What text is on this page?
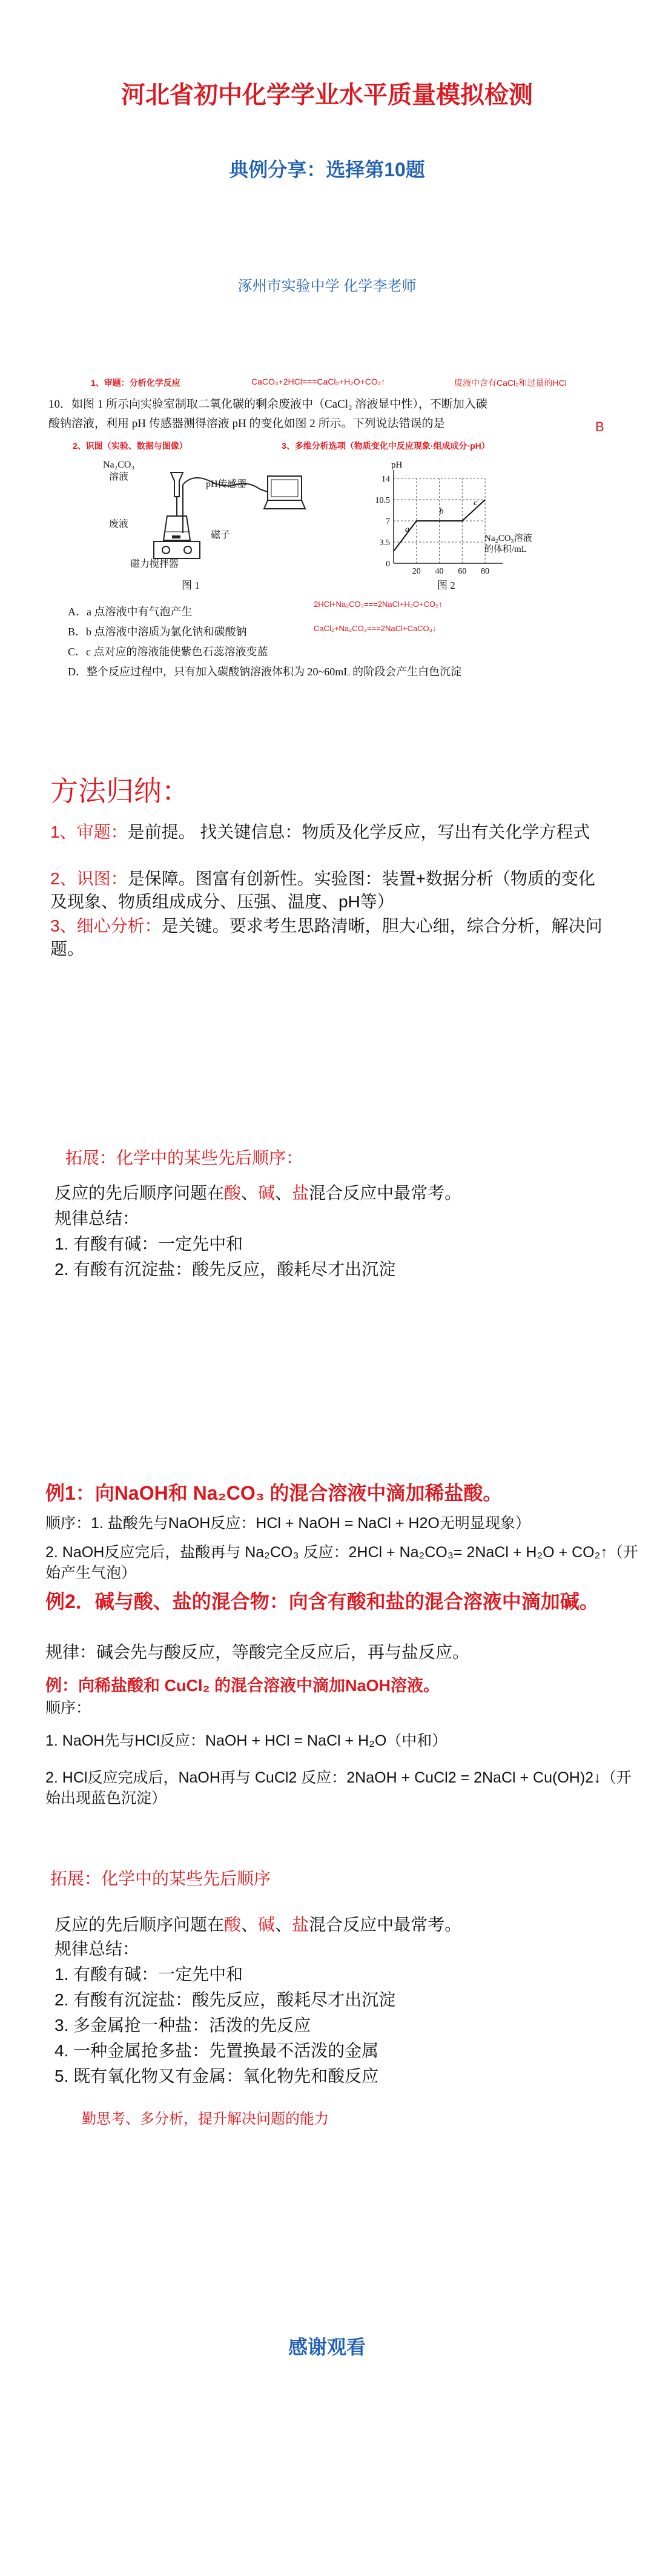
河北省初中化学学业水平质量模拟检测
典例分享：选择第10题
涿州市实验中学 化学李老师
1、审题：分析化学反应	CaCO₃+2HCl===CaCl₂+H₂O+CO₂↑	废液中含有CaCl₂和过量的HCl
10．如图 1 所示向实验室制取二氧化碳的剩余废液中（CaCl₂ 溶液显中性），不断加入碳
酸钠溶液，利用 pH 传感器测得溶液 pH 的变化如图 2 所示。下列说法错误的是	B
2、识图（实验、数据与图像）	3、多维分析选项（物质变化中反应现象·组成成分·pH）
Na₂CO₃
溶液
pH传感器
废液
磁子
磁力搅拌器
图 1
pH
14
10.5
7
3.5
0
20 40 60 80
a
b
c
Na₂CO₃溶液
的体积/mL
图 2
2HCl+Na₂CO₃===2NaCl+H₂O+CO₂↑
CaCl₂+Na₂CO₃===2NaCl+CaCO₃↓
A．a 点溶液中有气泡产生
B．b 点溶液中溶质为氯化钠和碳酸钠
C．c 点对应的溶液能使紫色石蕊溶液变蓝
D．整个反应过程中，只有加入碳酸钠溶液体积为 20~60mL 的阶段会产生白色沉淀
方法归纳：
1、审题：是前提。 找关键信息：物质及化学反应，写出有关化学方程式
2、识图：是保障。图富有创新性。实验图：装置+数据分析（物质的变化及现象、物质组成成分、压强、温度、pH等）
3、细心分析：是关键。要求考生思路清晰，胆大心细，综合分析，解决问题。
拓展：化学中的某些先后顺序：
反应的先后顺序问题在酸、碱、盐混合反应中最常考。
规律总结：
1. 有酸有碱：一定先中和
2. 有酸有沉淀盐：酸先反应，酸耗尽才出沉淀
例1：向NaOH和 Na₂CO₃ 的混合溶液中滴加稀盐酸。
顺序：1. 盐酸先与NaOH反应：HCl + NaOH = NaCl + H2O无明显现象）
2. NaOH反应完后，盐酸再与 Na₂CO₃ 反应：2HCl + Na₂CO₃= 2NaCl + H₂O + CO₂↑（开始产生气泡）
例2．碱与酸、盐的混合物：向含有酸和盐的混合溶液中滴加碱。
规律：碱会先与酸反应，等酸完全反应后，再与盐反应。
例：向稀盐酸和 CuCl₂ 的混合溶液中滴加NaOH溶液。
顺序：
1. NaOH先与HCl反应：NaOH + HCl = NaCl + H₂O（中和）
2. HCl反应完成后，NaOH再与 CuCl2 反应：2NaOH + CuCl2 = 2NaCl + Cu(OH)2↓（开始出现蓝色沉淀）
拓展：化学中的某些先后顺序
反应的先后顺序问题在酸、碱、盐混合反应中最常考。
规律总结：
1. 有酸有碱：一定先中和
2. 有酸有沉淀盐：酸先反应，酸耗尽才出沉淀
3. 多金属抢一种盐：活泼的先反应
4. 一种金属抢多盐：先置换最不活泼的金属
5. 既有氧化物又有金属：氧化物先和酸反应
勤思考、多分析，提升解决问题的能力
感谢观看
